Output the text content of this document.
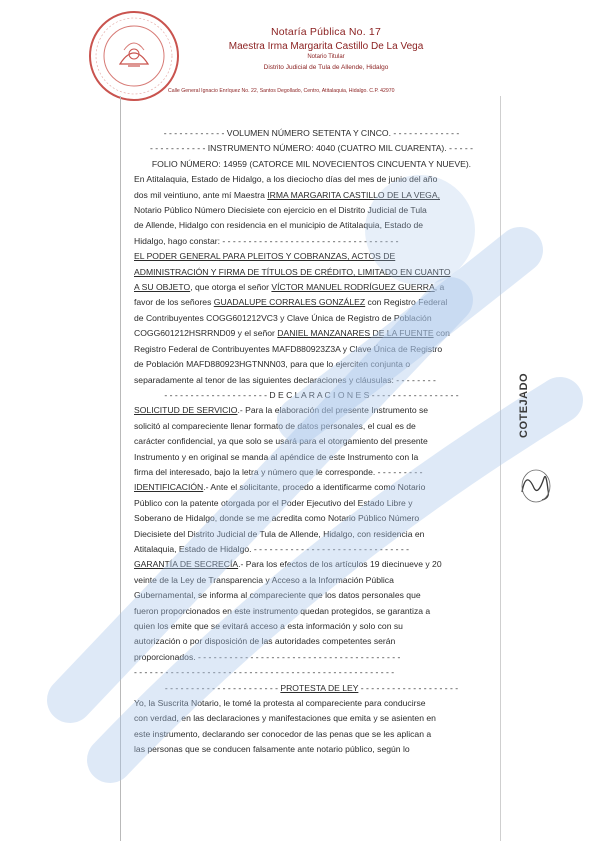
Notaría Pública No. 17
Maestra Irma Margarita Castillo De La Vega
Notario Titular
Distrito Judicial de Tula de Allende, Hidalgo
Calle General Ignacio Enríquez No. 22, Santos Degollado, Centro, Atitalaquia, Hidalgo. C.P. 42970
- - - - - - - - - - - - VOLUMEN NÚMERO SETENTA Y CINCO. - - - - - - - - - - - - -
- - - - - - - - - - - INSTRUMENTO NÚMERO: 4040 (CUATRO MIL CUARENTA). - - - - -
FOLIO NÚMERO: 14959 (CATORCE MIL NOVECIENTOS CINCUENTA Y NUEVE).
En Atitalaquia, Estado de Hidalgo, a los dieciocho días del mes de junio del año
dos mil veintiuno, ante mí Maestra IRMA MARGARITA CASTILLO DE LA VEGA,
Notario Público Número Diecisiete con ejercicio en el Distrito Judicial de Tula
de Allende, Hidalgo con residencia en el municipio de Atitalaquia, Estado de
Hidalgo, hago constar: - - - - - - - - - - - - - - - - - - - - - - - - - - - - - - - - - -
EL PODER GENERAL PARA PLEITOS Y COBRANZAS, ACTOS DE
ADMINISTRACIÓN Y FIRMA DE TÍTULOS DE CRÉDITO, LIMITADO EN CUANTO
A SU OBJETO, que otorga el señor VÍCTOR MANUEL RODRÍGUEZ GUERRA, a
favor de los señores GUADALUPE CORRALES GONZÁLEZ con Registro Federal
de Contribuyentes COGG601212VC3 y Clave Única de Registro de Población
COGG601212HSRRND09 y el señor DANIEL MANZANARES DE LA FUENTE con
Registro Federal de Contribuyentes MAFD880923Z3A y Clave Única de Registro
de Población MAFD880923HGTNNN03, para que lo ejerciten conjunta o
separadamente al tenor de las siguientes declaraciones y cláusulas: - - - - - - - -
- - - - - - - - - - - - - - - - - - - - D E C L A R A C I O N E S - - - - - - - - - - - - - - - - -
SOLICITUD DE SERVICIO.- Para la elaboración del presente Instrumento se
solicitó al compareciente llenar formato de datos personales, el cual es de
carácter confidencial, ya que solo se usará para el otorgamiento del presente
Instrumento y en original se manda al apéndice de este Instrumento con la
firma del interesado, bajo la letra y número que le corresponde. - - - - - - - - -
IDENTIFICACIÓN.- Ante el solicitante, procedo a identificarme como Notario
Público con la patente otorgada por el Poder Ejecutivo del Estado Libre y
Soberano de Hidalgo, donde se me acredita como Notario Público Número
Diecisiete del Distrito Judicial de Tula de Allende, Hidalgo, con residencia en
Atitalaquia, Estado de Hidalgo. - - - - - - - - - - - - - - - - - - - - - - - - - - - - - -
GARANTÍA DE SECRECÍA.- Para los efectos de los artículos 19 diecinueve y 20
veinte de la Ley de Transparencia y Acceso a la Información Pública
Gubernamental, se informa al compareciente que los datos personales que
fueron proporcionados en este instrumento quedan protegidos, se garantiza a
quien los emite que se evitará acceso a esta información y solo con su
autorización o por disposición de las autoridades competentes serán
proporcionados. - - - - - - - - - - - - - - - - - - - - - - - - - - - - - - - - - - - - - - -
- - - - - - - - - - - - - - - - - - - - - - - - - - - - - - - - - - - - - - - - - - - - - - - - - -
- - - - - - - - - - - - - - - - - - - - - - PROTESTA DE LEY - - - - - - - - - - - - - - - - - - -
Yo, la Suscrita Notario, le tomé la protesta al compareciente para conducirse
con verdad, en las declaraciones y manifestaciones que emita y se asienten en
este instrumento, declarando ser conocedor de las penas que se les aplican a
las personas que se conducen falsamente ante notario público, según lo
COTEJADO
